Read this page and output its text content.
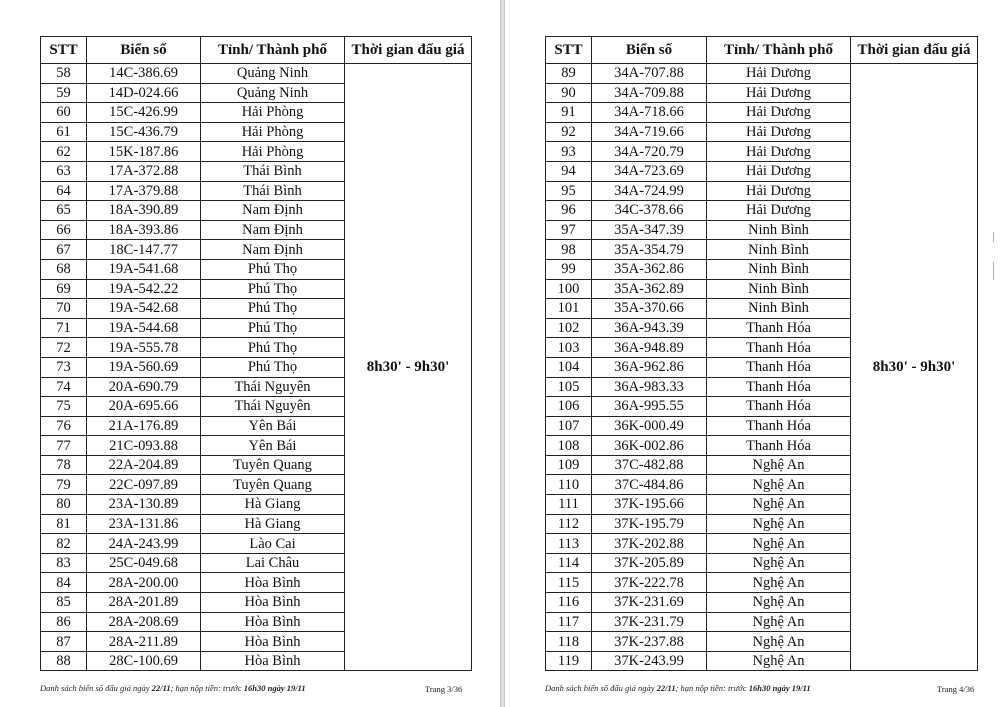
STT	Biển số	Tỉnh/ Thành phố	Thời gian đấu giá
58	14C-386.69	Quảng Ninh	8h30' - 9h30'
59	14D-024.66	Quảng Ninh	
60	15C-426.99	Hải Phòng	
61	15C-436.79	Hải Phòng	
62	15K-187.86	Hải Phòng	
63	17A-372.88	Thái Bình	
64	17A-379.88	Thái Bình	
65	18A-390.89	Nam Định	
66	18A-393.86	Nam Định	
67	18C-147.77	Nam Định	
68	19A-541.68	Phú Thọ	
69	19A-542.22	Phú Thọ	
70	19A-542.68	Phú Thọ	
71	19A-544.68	Phú Thọ	
72	19A-555.78	Phú Thọ	
73	19A-560.69	Phú Thọ	
74	20A-690.79	Thái Nguyên	
75	20A-695.66	Thái Nguyên	
76	21A-176.89	Yên Bái	
77	21C-093.88	Yên Bái	
78	22A-204.89	Tuyên Quang	
79	22C-097.89	Tuyên Quang	
80	23A-130.89	Hà Giang	
81	23A-131.86	Hà Giang	
82	24A-243.99	Lào Cai	
83	25C-049.68	Lai Châu	
84	28A-200.00	Hòa Bình	
85	28A-201.89	Hòa Bình	
86	28A-208.69	Hòa Bình	
87	28A-211.89	Hòa Bình	
88	28C-100.69	Hòa Bình	
Danh sách biển số đấu giá ngày 22/11; hạn nộp tiền: trước 16h30 ngày 19/11	Trang 3/36
STT	Biển số	Tỉnh/ Thành phố	Thời gian đấu giá
89	34A-707.88	Hải Dương	8h30' - 9h30'
90	34A-709.88	Hải Dương	
91	34A-718.66	Hải Dương	
92	34A-719.66	Hải Dương	
93	34A-720.79	Hải Dương	
94	34A-723.69	Hải Dương	
95	34A-724.99	Hải Dương	
96	34C-378.66	Hải Dương	
97	35A-347.39	Ninh Bình	
98	35A-354.79	Ninh Bình	
99	35A-362.86	Ninh Bình	
100	35A-362.89	Ninh Bình	
101	35A-370.66	Ninh Bình	
102	36A-943.39	Thanh Hóa	
103	36A-948.89	Thanh Hóa	
104	36A-962.86	Thanh Hóa	
105	36A-983.33	Thanh Hóa	
106	36A-995.55	Thanh Hóa	
107	36K-000.49	Thanh Hóa	
108	36K-002.86	Thanh Hóa	
109	37C-482.88	Nghệ An	
110	37C-484.86	Nghệ An	
111	37K-195.66	Nghệ An	
112	37K-195.79	Nghệ An	
113	37K-202.88	Nghệ An	
114	37K-205.89	Nghệ An	
115	37K-222.78	Nghệ An	
116	37K-231.69	Nghệ An	
117	37K-231.79	Nghệ An	
118	37K-237.88	Nghệ An	
119	37K-243.99	Nghệ An	
Danh sách biển số đấu giá ngày 22/11; hạn nộp tiền: trước 16h30 ngày 19/11	Trang 4/36
